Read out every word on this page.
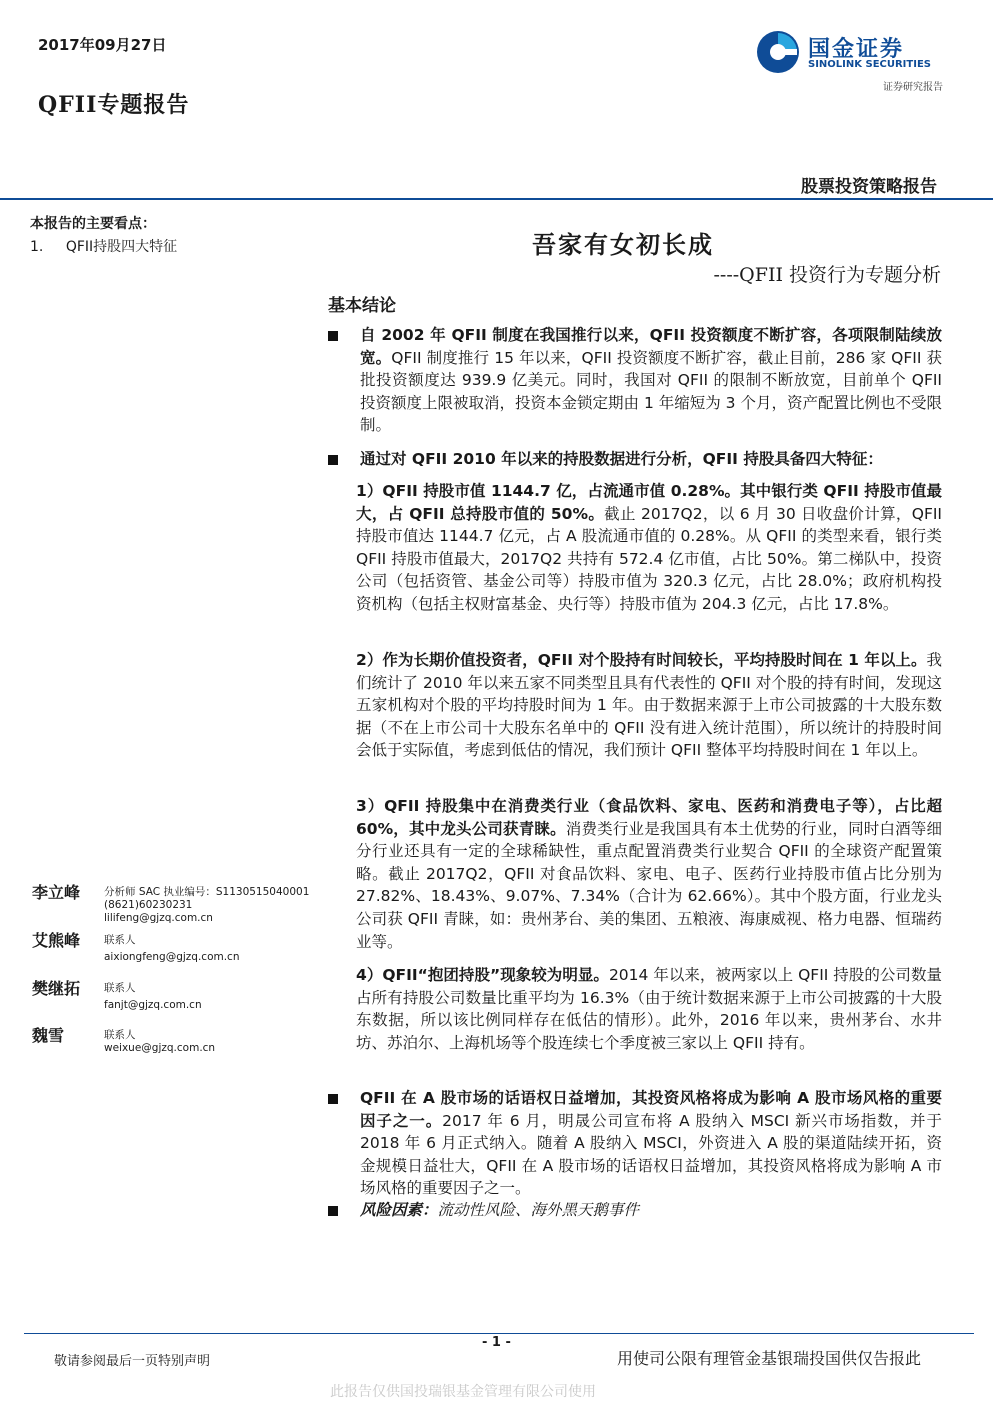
2017年09月27日
QFII专题报告
国金证券
SINOLINK SECURITIES
证券研究报告
股票投资策略报告
本报告的主要看点：
1. QFII持股四大特征	吾家有女初长成
----QFII 投资行为专题分析
基本结论
自 2002 年 QFII 制度在我国推行以来，QFII 投资额度不断扩容，各项限制陆续放宽。QFII 制度推行 15 年以来，QFII 投资额度不断扩容，截止目前，286 家 QFII 获批投资额度达 939.9 亿美元。同时，我国对 QFII 的限制不断放宽，目前单个 QFII 投资额度上限被取消，投资本金锁定期由 1 年缩短为 3 个月，资产配置比例也不受限制。
通过对 QFII 2010 年以来的持股数据进行分析，QFII 持股具备四大特征：
1）QFII 持股市值 1144.7 亿，占流通市值 0.28%。其中银行类 QFII 持股市值最大，占 QFII 总持股市值的 50%。截止 2017Q2，以 6 月 30 日收盘价计算，QFII 持股市值达 1144.7 亿元，占 A 股流通市值的 0.28%。从 QFII 的类型来看，银行类 QFII 持股市值最大，2017Q2 共持有 572.4 亿市值，占比 50%。第二梯队中，投资公司（包括资管、基金公司等）持股市值为 320.3 亿元，占比 28.0%；政府机构投资机构（包括主权财富基金、央行等）持股市值为 204.3 亿元，占比 17.8%。
2）作为长期价值投资者，QFII 对个股持有时间较长，平均持股时间在 1 年以上。我们统计了 2010 年以来五家不同类型且具有代表性的 QFII 对个股的持有时间，发现这五家机构对个股的平均持股时间为 1 年。由于数据来源于上市公司披露的十大股东数据（不在上市公司十大股东名单中的 QFII 没有进入统计范围），所以统计的持股时间会低于实际值，考虑到低估的情况，我们预计 QFII 整体平均持股时间在 1 年以上。
3）QFII 持股集中在消费类行业（食品饮料、家电、医药和消费电子等），占比超 60%，其中龙头公司获青睐。消费类行业是我国具有本土优势的行业，同时白酒等细分行业还具有一定的全球稀缺性，重点配置消费类行业契合 QFII 的全球资产配置策略。截止 2017Q2，QFII 对食品饮料、家电、电子、医药行业持股市值占比分别为 27.82%、18.43%、9.07%、7.34%（合计为 62.66%）。其中个股方面，行业龙头公司获 QFII 青睐，如：贵州茅台、美的集团、五粮液、海康威视、格力电器、恒瑞药业等。
4）QFII“抱团持股”现象较为明显。2014 年以来，被两家以上 QFII 持股的公司数量占所有持股公司数量比重平均为 16.3%（由于统计数据来源于上市公司披露的十大股东数据，所以该比例同样存在低估的情形）。此外，2016 年以来，贵州茅台、水井坊、苏泊尔、上海机场等个股连续七个季度被三家以上 QFII 持有。
QFII 在 A 股市场的话语权日益增加，其投资风格将成为影响 A 股市场风格的重要因子之一。2017 年 6 月，明晟公司宣布将 A 股纳入 MSCI 新兴市场指数，并于 2018 年 6 月正式纳入。随着 A 股纳入 MSCI，外资进入 A 股的渠道陆续开拓，资金规模日益壮大，QFII 在 A 股市场的话语权日益增加，其投资风格将成为影响 A 市场风格的重要因子之一。
风险因素：流动性风险、海外黑天鹅事件
李立峰 分析师 SAC 执业编号：S1130515040001
(8621)60230231
lilifeng@gjzq.com.cn
艾熊峰 联系人
aixiongfeng@gjzq.com.cn
樊继拓 联系人
fanjt@gjzq.com.cn
魏雪	联系人
weixue@gjzq.com.cn
- 1 -
敬请参阅最后一页特别声明	用使司公限有理管金基银瑞投国供仅告报此
此报告仅供国投瑞银基金管理有限公司使用
